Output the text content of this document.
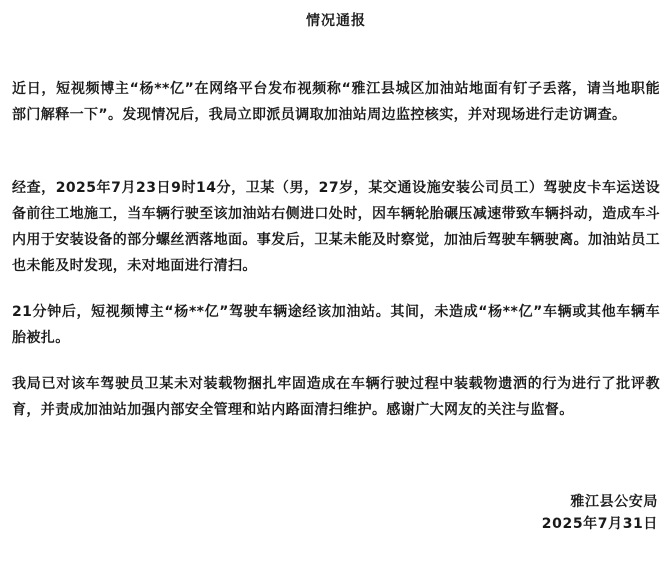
情况通报
近日，短视频博主“杨**亿”在网络平台发布视频称“雅江县城区加油站地面有钉子丢落，请当地职能部门解释一下”。发现情况后，我局立即派员调取加油站周边监控核实，并对现场进行走访调查。
经查，2025年7月23日9时14分，卫某（男，27岁，某交通设施安装公司员工）驾驶皮卡车运送设备前往工地施工，当车辆行驶至该加油站右侧进口处时，因车辆轮胎碾压减速带致车辆抖动，造成车斗内用于安装设备的部分螺丝洒落地面。事发后，卫某未能及时察觉，加油后驾驶车辆驶离。加油站员工也未能及时发现，未对地面进行清扫。
21分钟后，短视频博主“杨**亿”驾驶车辆途经该加油站。其间，未造成“杨**亿”车辆或其他车辆车胎被扎。
我局已对该车驾驶员卫某未对装载物捆扎牢固造成在车辆行驶过程中装载物遗洒的行为进行了批评教育，并责成加油站加强内部安全管理和站内路面清扫维护。感谢广大网友的关注与监督。
雅江县公安局
2025年7月31日
